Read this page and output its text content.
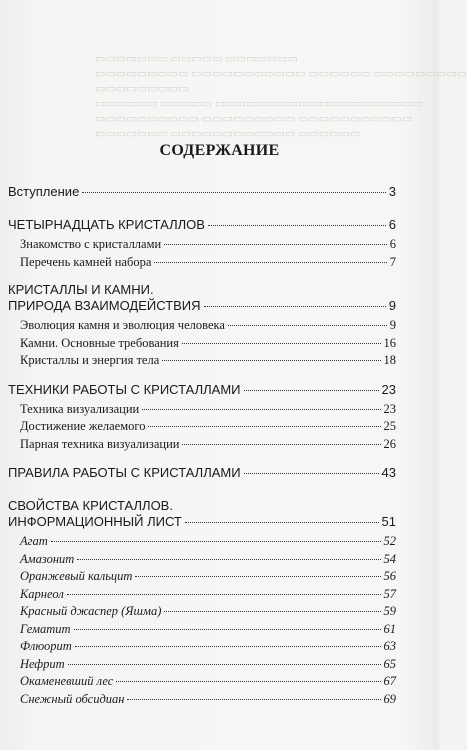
▭▭▭▭▭▭▭ ▭▭▭▭▭ ▭▭▭▭▭▭▭
▭▭▭▭▭▭▭▭▭ ▭▭▭▭▭▭▭▭▭▭▭ ▭▭▭▭▭▭ ▭▭▭▭▭▭▭▭▭
▭▭▭▭▭▭▭▭▭
▭▭▭▭▭▭ ▭▭▭▭▭ ▭▭▭▭▭▭▭▭▭▭▭▭▭▭▭▭▭▭▭▭
▭▭▭▭▭▭▭▭▭▭ ▭▭▭▭▭▭▭▭▭ ▭▭▭▭▭▭▭▭▭▭▭
▭▭▭▭▭▭▭ ▭▭▭▭▭▭▭▭▭▭▭▭ ▭▭▭▭▭▭
СОДЕРЖАНИЕ
Вступление	3
ЧЕТЫРНАДЦАТЬ КРИСТАЛЛОВ	6
Знакомство с кристаллами	6
Перечень камней набора	7
КРИСТАЛЛЫ И КАМНИ.
ПРИРОДА ВЗАИМОДЕЙСТВИЯ	9
Эволюция камня и эволюция человека	9
Камни. Основные требования	16
Кристаллы и энергия тела	18
ТЕХНИКИ РАБОТЫ С КРИСТАЛЛАМИ	23
Техника визуализации	23
Достижение желаемого	25
Парная техника визуализации	26
ПРАВИЛА РАБОТЫ С КРИСТАЛЛАМИ	43
СВОЙСТВА КРИСТАЛЛОВ.
ИНФОРМАЦИОННЫЙ ЛИСТ	51
Агат	52
Амазонит	54
Оранжевый кальцит	56
Карнеол	57
Красный джаспер (Яшма)	59
Гематит	61
Флюорит	63
Нефрит	65
Окаменевший лес	67
Снежный обсидиан	69
